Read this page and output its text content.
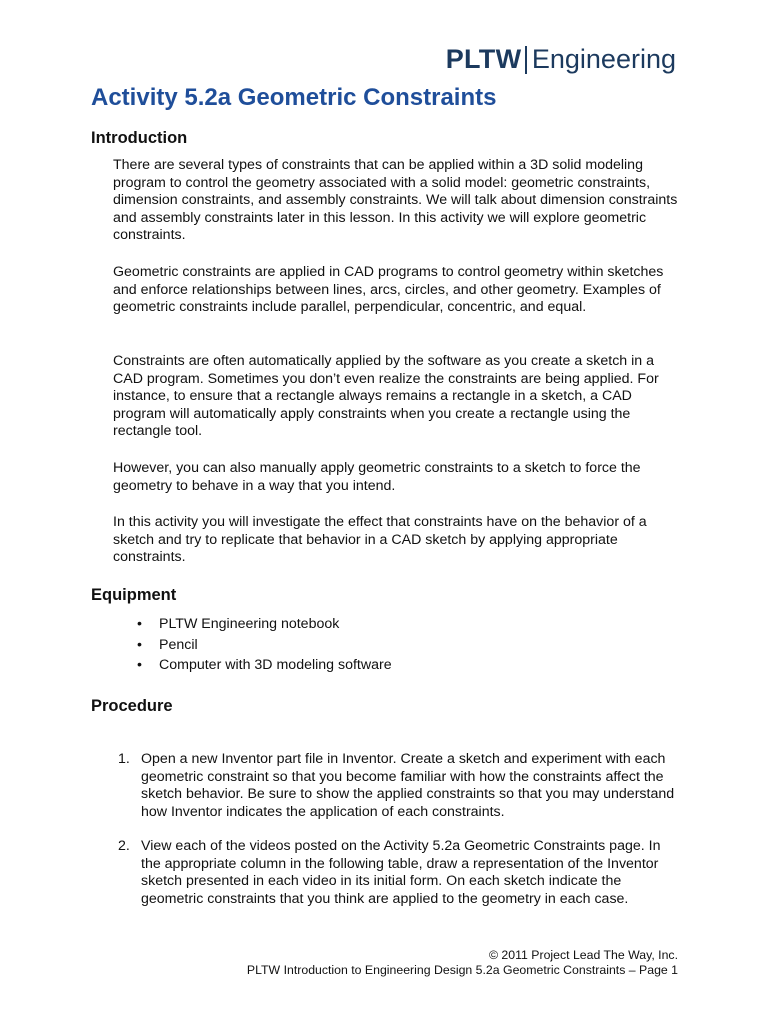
PLTW Engineering
Activity 5.2a Geometric Constraints
Introduction

There are several types of constraints that can be applied within a 3D solid modeling program to control the geometry associated with a solid model: geometric constraints, dimension constraints, and assembly constraints. We will talk about dimension constraints and assembly constraints later in this lesson. In this activity we will explore geometric constraints.

Geometric constraints are applied in CAD programs to control geometry within sketches and enforce relationships between lines, arcs, circles, and other geometry. Examples of geometric constraints include parallel, perpendicular, concentric, and equal.

Constraints are often automatically applied by the software as you create a sketch in a CAD program. Sometimes you don’t even realize the constraints are being applied. For instance, to ensure that a rectangle always remains a rectangle in a sketch, a CAD program will automatically apply constraints when you create a rectangle using the rectangle tool.

However, you can also manually apply geometric constraints to a sketch to force the geometry to behave in a way that you intend.

In this activity you will investigate the effect that constraints have on the behavior of a sketch and try to replicate that behavior in a CAD sketch by applying appropriate constraints.

Equipment
• PLTW Engineering notebook
• Pencil
• Computer with 3D modeling software
Procedure
1. Open a new Inventor part file in Inventor. Create a sketch and experiment with each geometric constraint so that you become familiar with how the constraints affect the sketch behavior. Be sure to show the applied constraints so that you may understand how Inventor indicates the application of each constraints.
2. View each of the videos posted on the Activity 5.2a Geometric Constraints page. In the appropriate column in the following table, draw a representation of the Inventor sketch presented in each video in its initial form. On each sketch indicate the geometric constraints that you think are applied to the geometry in each case.
© 2011 Project Lead The Way, Inc.
PLTW Introduction to Engineering Design 5.2a Geometric Constraints – Page 1
